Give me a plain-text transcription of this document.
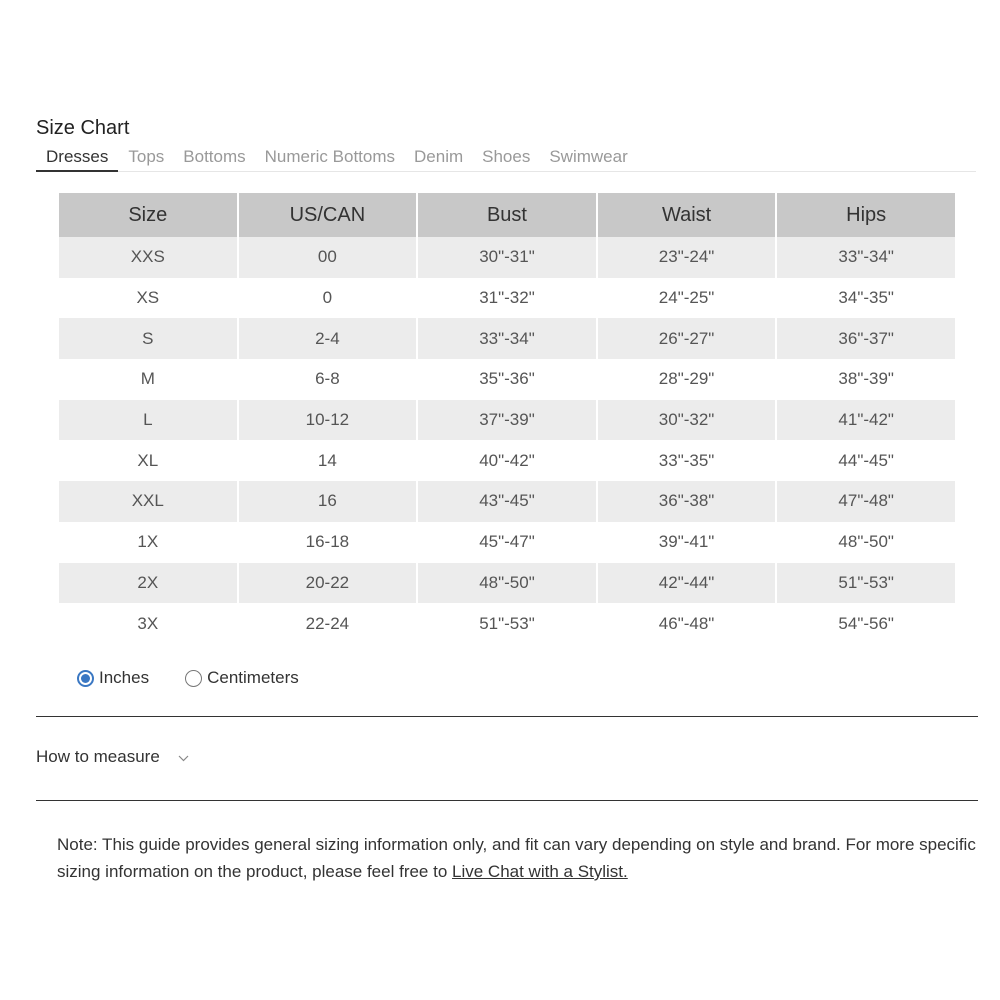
Size Chart
Dresses	Tops Bottoms Numeric Bottoms Denim Shoes Swimwear
Size	US/CAN	Bust	Waist	Hips
XXS	00	30"-31"	23"-24"	33"-34"
XS	0	31"-32"	24"-25"	34"-35"
S	2-4	33"-34"	26"-27"	36"-37"
M	6-8	35"-36"	28"-29"	38"-39"
L	10-12	37"-39"	30"-32"	41"-42"
XL	14	40"-42"	33"-35"	44"-45"
XXL	16	43"-45"	36"-38"	47"-48"
1X	16-18	45"-47"	39"-41"	48"-50"
2X	20-22	48"-50"	42"-44"	51"-53"
3X	22-24	51"-53"	46"-48"	54"-56"
Inches	Centimeters
How to measure
Note: This guide provides general sizing information only, and fit can vary depending on style and brand. For more specific sizing information on the product, please feel free to Live Chat with a Stylist.
